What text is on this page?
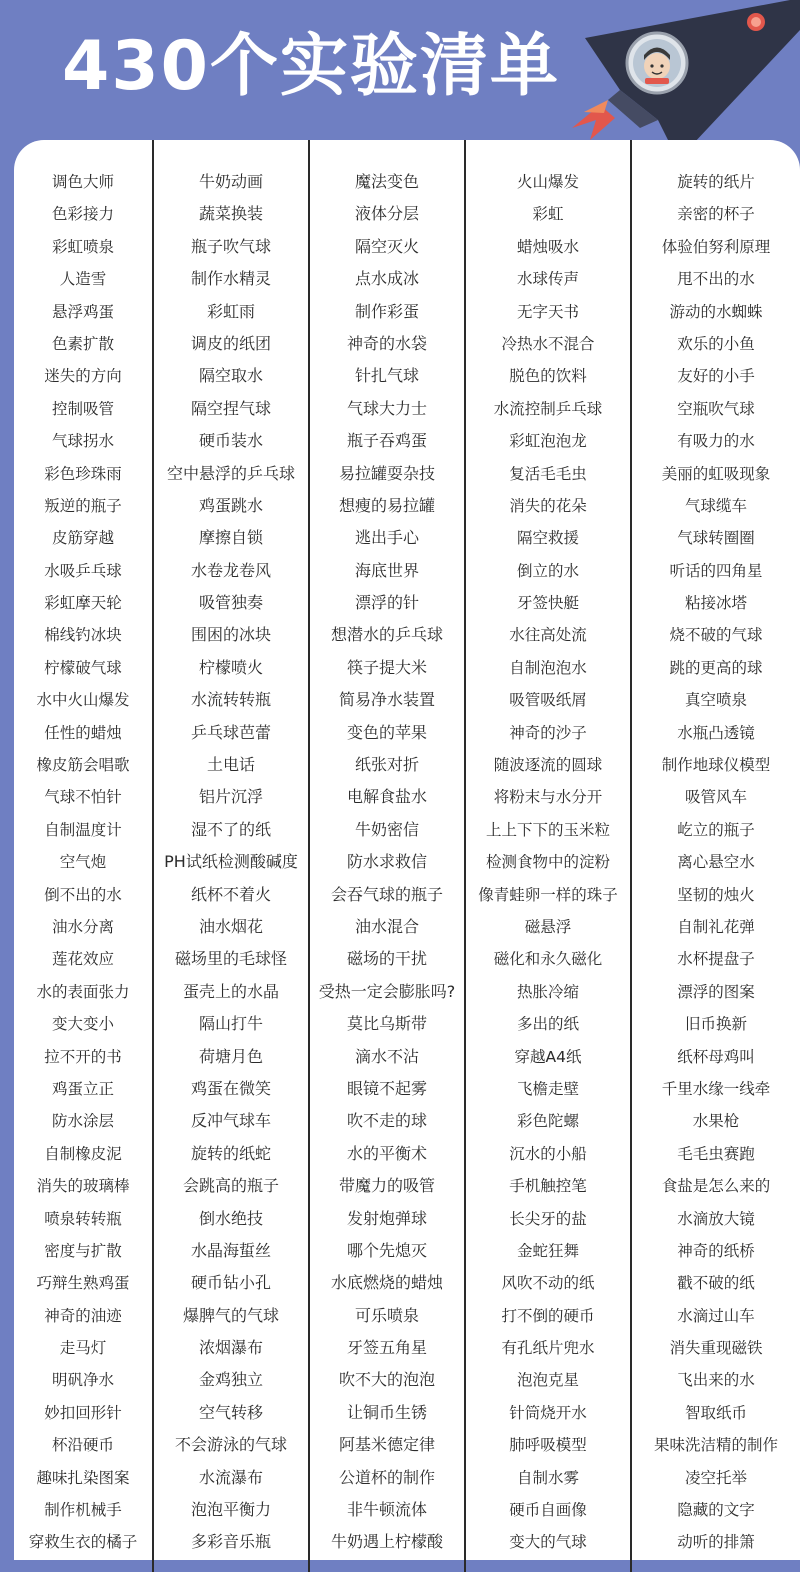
430个实验清单
调色大师
色彩接力
彩虹喷泉
人造雪
悬浮鸡蛋
色素扩散
迷失的方向
控制吸管
气球拐水
彩色珍珠雨
叛逆的瓶子
皮筋穿越
水吸乒乓球
彩虹摩天轮
棉线钓冰块
柠檬破气球
水中火山爆发
任性的蜡烛
橡皮筋会唱歌
气球不怕针
自制温度计
空气炮
倒不出的水
油水分离
莲花效应
水的表面张力
变大变小
拉不开的书
鸡蛋立正
防水涂层
自制橡皮泥
消失的玻璃棒
喷泉转转瓶
密度与扩散
巧辩生熟鸡蛋
神奇的油迹
走马灯
明矾净水
妙扣回形针
杯沿硬币
趣味扎染图案
制作机械手
穿救生衣的橘子
牛奶动画
蔬菜换装
瓶子吹气球
制作水精灵
彩虹雨
调皮的纸团
隔空取水
隔空捏气球
硬币装水
空中悬浮的乒乓球
鸡蛋跳水
摩擦自锁
水卷龙卷风
吸管独奏
围困的冰块
柠檬喷火
水流转转瓶
乒乓球芭蕾
土电话
铝片沉浮
湿不了的纸
PH试纸检测酸碱度
纸杯不着火
油水烟花
磁场里的毛球怪
蛋壳上的水晶
隔山打牛
荷塘月色
鸡蛋在微笑
反冲气球车
旋转的纸蛇
会跳高的瓶子
倒水绝技
水晶海蜇丝
硬币钻小孔
爆脾气的气球
浓烟瀑布
金鸡独立
空气转移
不会游泳的气球
水流瀑布
泡泡平衡力
多彩音乐瓶
魔法变色
液体分层
隔空灭火
点水成冰
制作彩蛋
神奇的水袋
针扎气球
气球大力士
瓶子吞鸡蛋
易拉罐耍杂技
想瘦的易拉罐
逃出手心
海底世界
漂浮的针
想潜水的乒乓球
筷子提大米
简易净水装置
变色的苹果
纸张对折
电解食盐水
牛奶密信
防水求救信
会吞气球的瓶子
油水混合
磁场的干扰
受热一定会膨胀吗?
莫比乌斯带
滴水不沾
眼镜不起雾
吹不走的球
水的平衡术
带魔力的吸管
发射炮弹球
哪个先熄灭
水底燃烧的蜡烛
可乐喷泉
牙签五角星
吹不大的泡泡
让铜币生锈
阿基米德定律
公道杯的制作
非牛顿流体
牛奶遇上柠檬酸
火山爆发
彩虹
蜡烛吸水
水球传声
无字天书
冷热水不混合
脱色的饮料
水流控制乒乓球
彩虹泡泡龙
复活毛毛虫
消失的花朵
隔空救援
倒立的水
牙签快艇
水往高处流
自制泡泡水
吸管吸纸屑
神奇的沙子
随波逐流的圆球
将粉末与水分开
上上下下的玉米粒
检测食物中的淀粉
像青蛙卵一样的珠子
磁悬浮
磁化和永久磁化
热胀冷缩
多出的纸
穿越A4纸
飞檐走壁
彩色陀螺
沉水的小船
手机触控笔
长尖牙的盐
金蛇狂舞
风吹不动的纸
打不倒的硬币
有孔纸片兜水
泡泡克星
针筒烧开水
肺呼吸模型
自制水雾
硬币自画像
变大的气球
旋转的纸片
亲密的杯子
体验伯努利原理
甩不出的水
游动的水蜘蛛
欢乐的小鱼
友好的小手
空瓶吹气球
有吸力的水
美丽的虹吸现象
气球缆车
气球转圈圈
听话的四角星
粘接冰塔
烧不破的气球
跳的更高的球
真空喷泉
水瓶凸透镜
制作地球仪模型
吸管风车
屹立的瓶子
离心悬空水
坚韧的烛火
自制礼花弹
水杯提盘子
漂浮的图案
旧币换新
纸杯母鸡叫
千里水缘一线牵
水果枪
毛毛虫赛跑
食盐是怎么来的
水滴放大镜
神奇的纸桥
戳不破的纸
水滴过山车
消失重现磁铁
飞出来的水
智取纸币
果味洗洁精的制作
凌空托举
隐藏的文字
动听的排箫
